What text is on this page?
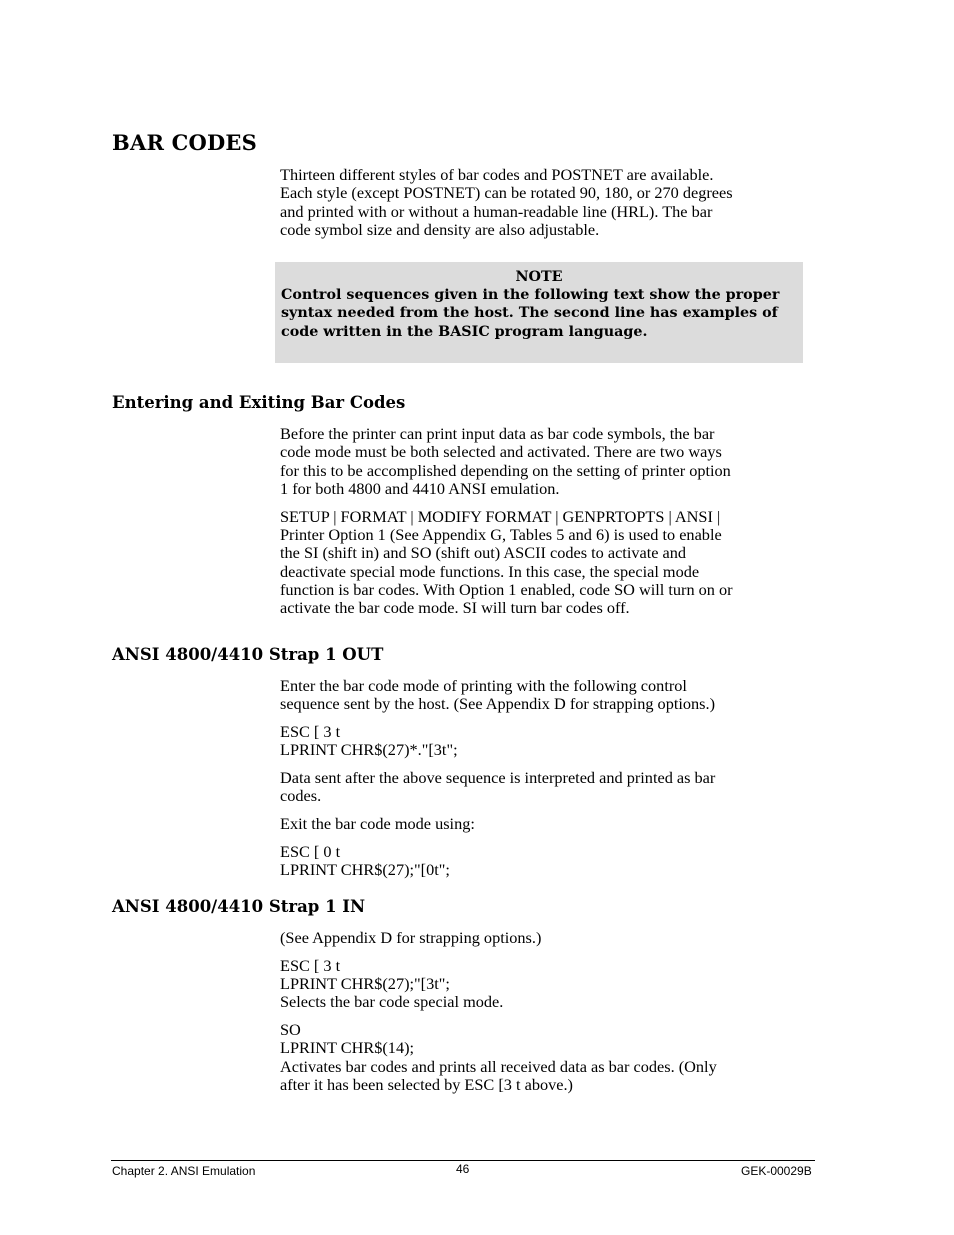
BAR CODES

Thirteen different styles of bar codes and POSTNET are available.
Each style (except POSTNET) can be rotated 90, 180, or 270 degrees
and printed with or without a human-readable line (HRL). The bar
code symbol size and density are also adjustable.

NOTE
Control sequences given in the following text show the proper
syntax needed from the host. The second line has examples of
code written in the BASIC program language.
Entering and Exiting Bar Codes

Before the printer can print input data as bar code symbols, the bar
code mode must be both selected and activated. There are two ways
for this to be accomplished depending on the setting of printer option
1 for both 4800 and 4410 ANSI emulation.

SETUP | FORMAT | MODIFY FORMAT | GENPRTOPTS | ANSI |
Printer Option 1 (See Appendix G, Tables 5 and 6) is used to enable
the SI (shift in) and SO (shift out) ASCII codes to activate and
deactivate special mode functions. In this case, the special mode
function is bar codes. With Option 1 enabled, code SO will turn on or
activate the bar code mode. SI will turn bar codes off.

ANSI 4800/4410 Strap 1 OUT

Enter the bar code mode of printing with the following control
sequence sent by the host. (See Appendix D for strapping options.)

ESC [ 3 t
LPRINT CHR$(27)*."[3t";

Data sent after the above sequence is interpreted and printed as bar
codes.

Exit the bar code mode using:

ESC [ 0 t
LPRINT CHR$(27);"[0t";

ANSI 4800/4410 Strap 1 IN

(See Appendix D for strapping options.)

ESC [ 3 t
LPRINT CHR$(27);"[3t";
Selects the bar code special mode.

SO
LPRINT CHR$(14);
Activates bar codes and prints all received data as bar codes. (Only
after it has been selected by ESC [3 t above.)

Chapter 2. ANSI Emulation	46	GEK-00029B
